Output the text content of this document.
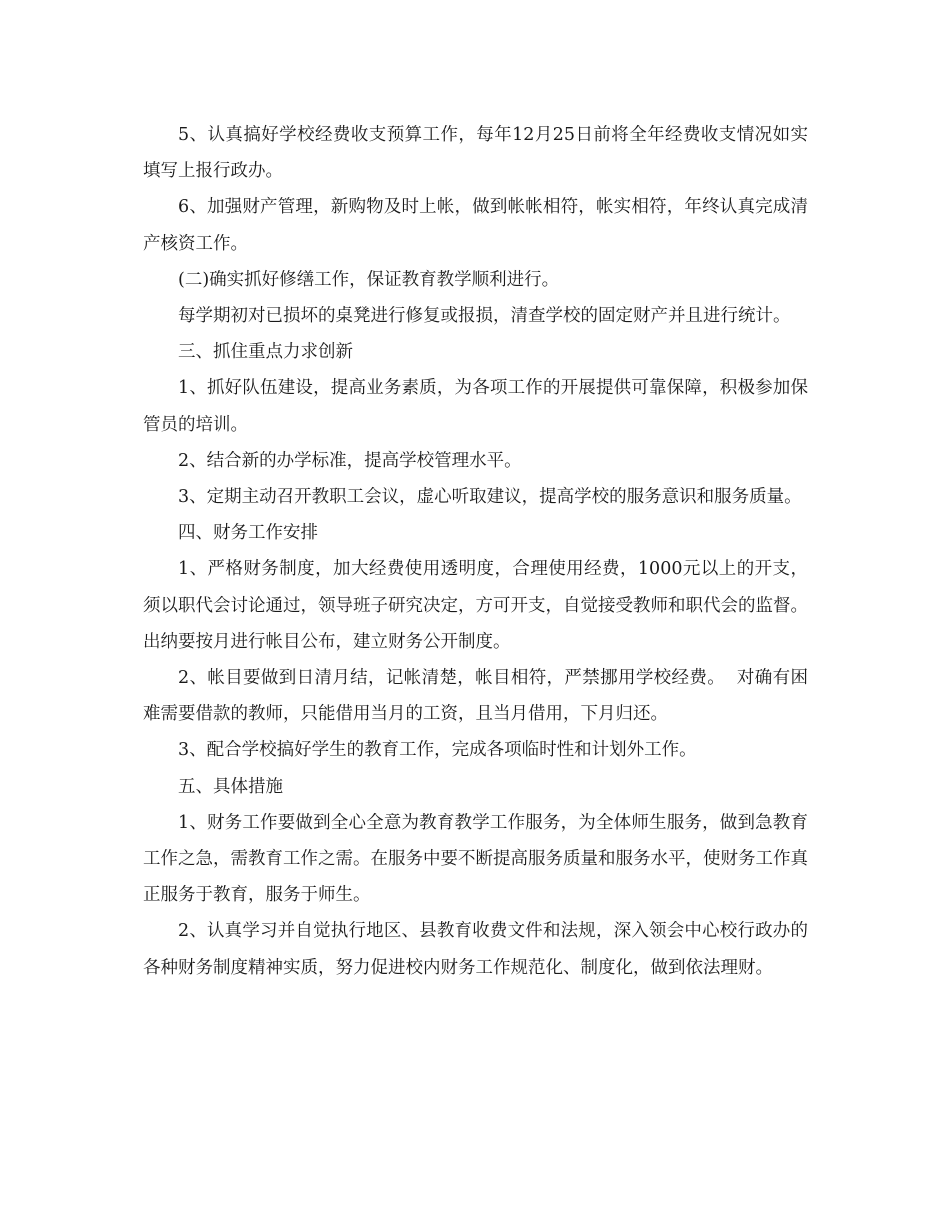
5、认真搞好学校经费收支预算工作，每年12月25日前将全年经费收支情况如实填写上报行政办。

6、加强财产管理，新购物及时上帐，做到帐帐相符，帐实相符，年终认真完成清产核资工作。

(二)确实抓好修缮工作，保证教育教学顺利进行。

每学期初对已损坏的桌凳进行修复或报损，清查学校的固定财产并且进行统计。

三、抓住重点力求创新

1、抓好队伍建设，提高业务素质，为各项工作的开展提供可靠保障，积极参加保管员的培训。

2、结合新的办学标准，提高学校管理水平。

3、定期主动召开教职工会议，虚心听取建议，提高学校的服务意识和服务质量。

四、财务工作安排

1、严格财务制度，加大经费使用透明度，合理使用经费，1000元以上的开支，须以职代会讨论通过，领导班子研究决定，方可开支，自觉接受教师和职代会的监督。出纳要按月进行帐目公布，建立财务公开制度。

2、帐目要做到日清月结，记帐清楚，帐目相符，严禁挪用学校经费。  对确有困难需要借款的教师，只能借用当月的工资，且当月借用，下月归还。

3、配合学校搞好学生的教育工作，完成各项临时性和计划外工作。

五、具体措施

1、财务工作要做到全心全意为教育教学工作服务，为全体师生服务，做到急教育工作之急，需教育工作之需。在服务中要不断提高服务质量和服务水平，使财务工作真正服务于教育，服务于师生。

2、认真学习并自觉执行地区、县教育收费文件和法规，深入领会中心校行政办的各种财务制度精神实质，努力促进校内财务工作规范化、制度化，做到依法理财。
